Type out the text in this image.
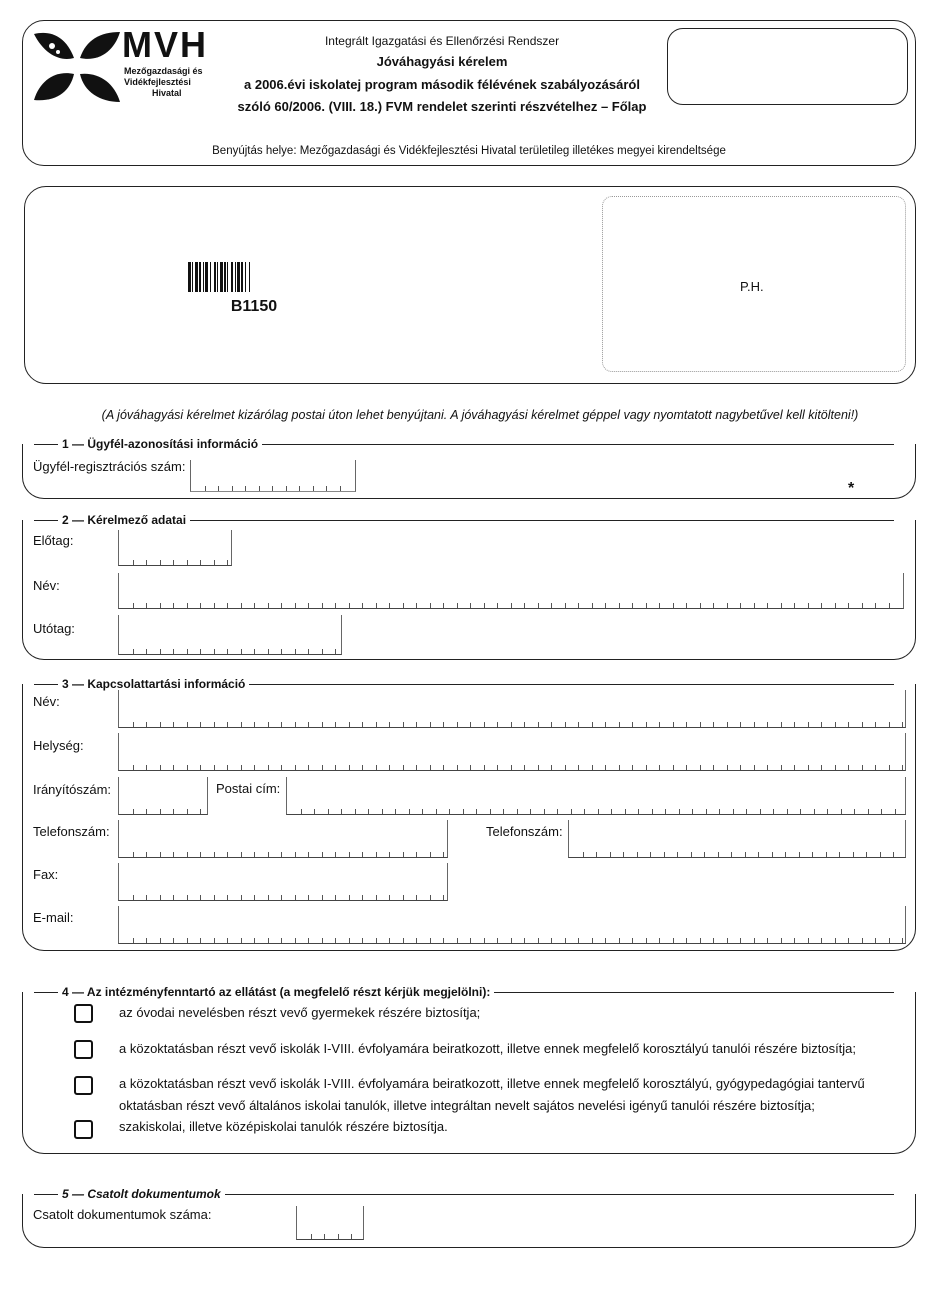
MVH
Mezőgazdasági és
Vidékfejlesztési
Hivatal
Integrált Igazgatási és Ellenőrzési Rendszer
Jóváhagyási kérelem
a 2006.évi iskolatej program második félévének szabályozásáról
szóló 60/2006. (VIII. 18.) FVM rendelet szerinti részvételhez – Főlap
Benyújtás helye: Mezőgazdasági és Vidékfejlesztési Hivatal területileg illetékes megyei kirendeltsége
B1150
P.H.
(A jóváhagyási kérelmet kizárólag postai úton lehet benyújtani. A jóváhagyási kérelmet géppel vagy nyomtatott nagybetűvel kell kitölteni!)
1 — Ügyfél-azonosítási információ
Ügyfél-regisztrációs szám:
*
2 — Kérelmező adatai
Előtag:
Név:
Utótag:
3 — Kapcsolattartási információ
Név:
Helység:
Irányítószám:	Postai cím:
Telefonszám:	Telefonszám:
Fax:
E-mail:
4 — Az intézményfenntartó az ellátást (a megfelelő részt kérjük megjelölni):
az óvodai nevelésben részt vevő gyermekek részére biztosítja;
a közoktatásban részt vevő iskolák I-VIII. évfolyamára beiratkozott, illetve ennek megfelelő korosztályú tanulói részére biztosítja;
a közoktatásban részt vevő iskolák I-VIII. évfolyamára beiratkozott, illetve ennek megfelelő korosztályú, gyógypedagógiai tantervű
oktatásban részt vevő általános iskolai tanulók, illetve integráltan nevelt sajátos nevelési igényű tanulói részére biztosítja;
szakiskolai, illetve középiskolai tanulók részére biztosítja.
5 — Csatolt dokumentumok
Csatolt dokumentumok száma:
